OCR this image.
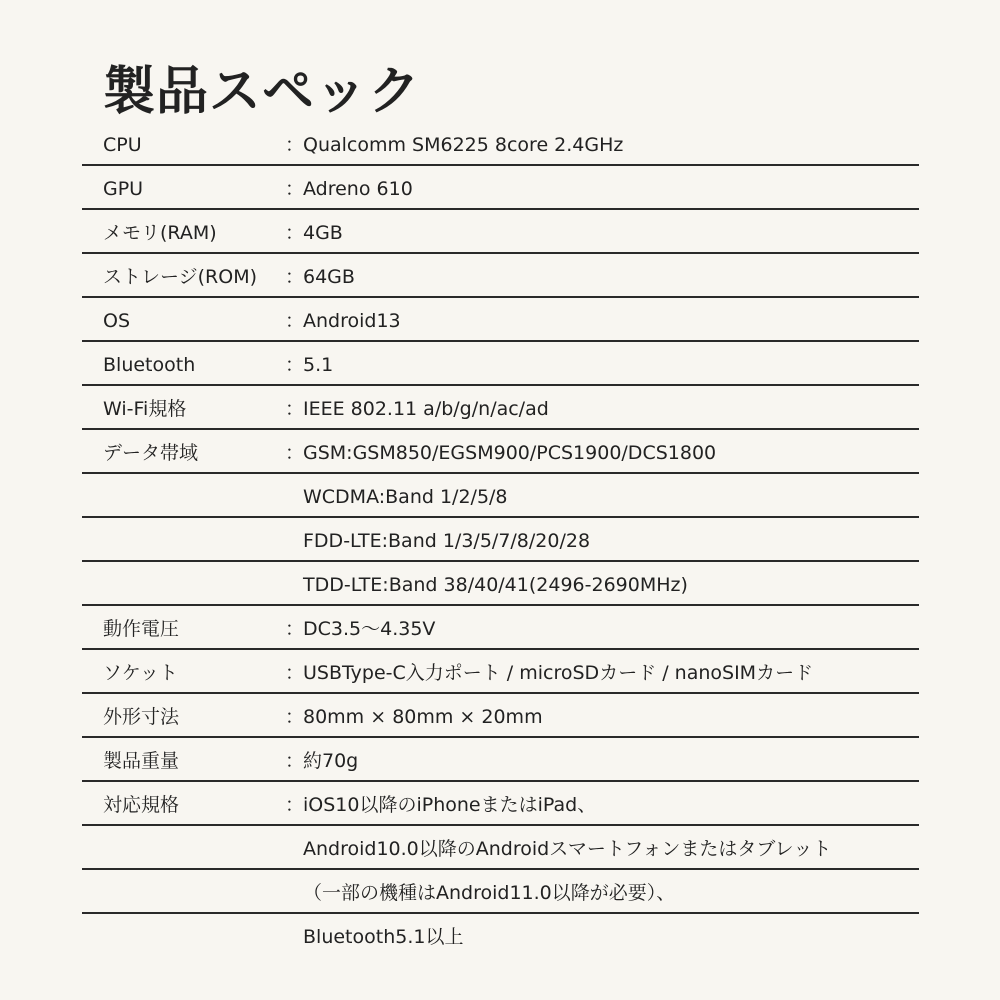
製品スペック
CPU	：
Qualcomm SM6225 8core 2.4GHz
GPU	：
Adreno 610
メモリ(RAM)	：
4GB
ストレージ(ROM) ：
64GB
OS	：
Android13
Bluetooth	：
5.1
Wi-Fi規格	：
IEEE 802.11 a/b/g/n/ac/ad
データ帯域	：
GSM:GSM850/EGSM900/PCS1900/DCS1800
WCDMA:Band 1/2/5/8
FDD-LTE:Band 1/3/5/7/8/20/28
TDD-LTE:Band 38/40/41(2496-2690MHz)
動作電圧	：
DC3.5〜4.35V
ソケット	：
USBType-C入力ポート / microSDカード / nanoSIMカード
外形寸法	：
80mm × 80mm × 20mm
製品重量	：
約70g
対応規格	：
iOS10以降のiPhoneまたはiPad、
Android10.0以降のAndroidスマートフォンまたはタブレット
（一部の機種はAndroid11.0以降が必要）、
Bluetooth5.1以上
